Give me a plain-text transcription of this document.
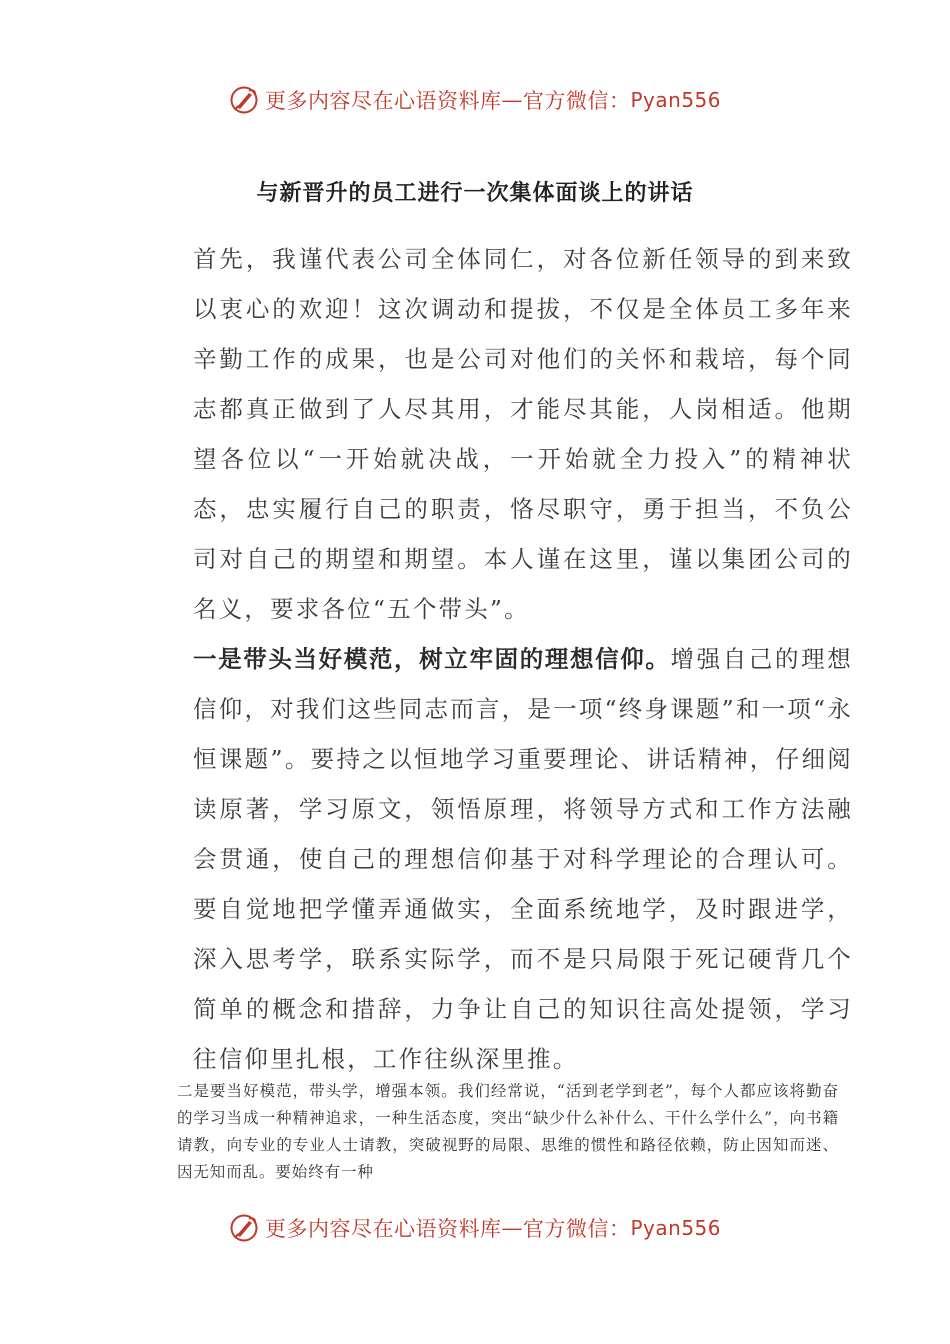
更多内容尽在心语资料库 — 官方微信： Pyan556
与新晋升的员工进行一次集体面谈上的讲话

首先，我谨代表公司全体同仁，对各位新任领导的到来致以衷心的欢迎！这次调动和提拔，不仅是全体员工多年来辛勤工作的成果，也是公司对他们的关怀和栽培，每个同志都真正做到了人尽其用，才能尽其能，人岗相适。他期望各位以“一开始就决战，一开始就全力投入”的精神状态，忠实履行自己的职责，恪尽职守，勇于担当，不负公司对自己的期望和期望。本人谨在这里，谨以集团公司的名义，要求各位“五个带头”。

一是带头当好模范，树立牢固的理想信仰。增强自己的理想信仰，对我们这些同志而言，是一项“终身课题”和一项“永恒课题”。要持之以恒地学习重要理论、讲话精神，仔细阅读原著，学习原文，领悟原理，将领导方式和工作方法融会贯通，使自己的理想信仰基于对科学理论的合理认可。要自觉地把学懂弄通做实，全面系统地学，及时跟进学，深入思考学，联系实际学，而不是只局限于死记硬背几个简单的概念和措辞，力争让自己的知识往高处提领，学习往信仰里扎根，工作往纵深里推。

二是要当好模范，带头学，增强本领。我们经常说，“活到老学到老”，每个人都应该将勤奋的学习当成一种精神追求，一种生活态度，突出“缺少什么补什么、干什么学什么”，向书籍请教，向专业的专业人士请教，突破视野的局限、思维的惯性和路径依赖，防止因知而迷、因无知而乱。要始终有一种

更多内容尽在心语资料库 — 官方微信： Pyan556
